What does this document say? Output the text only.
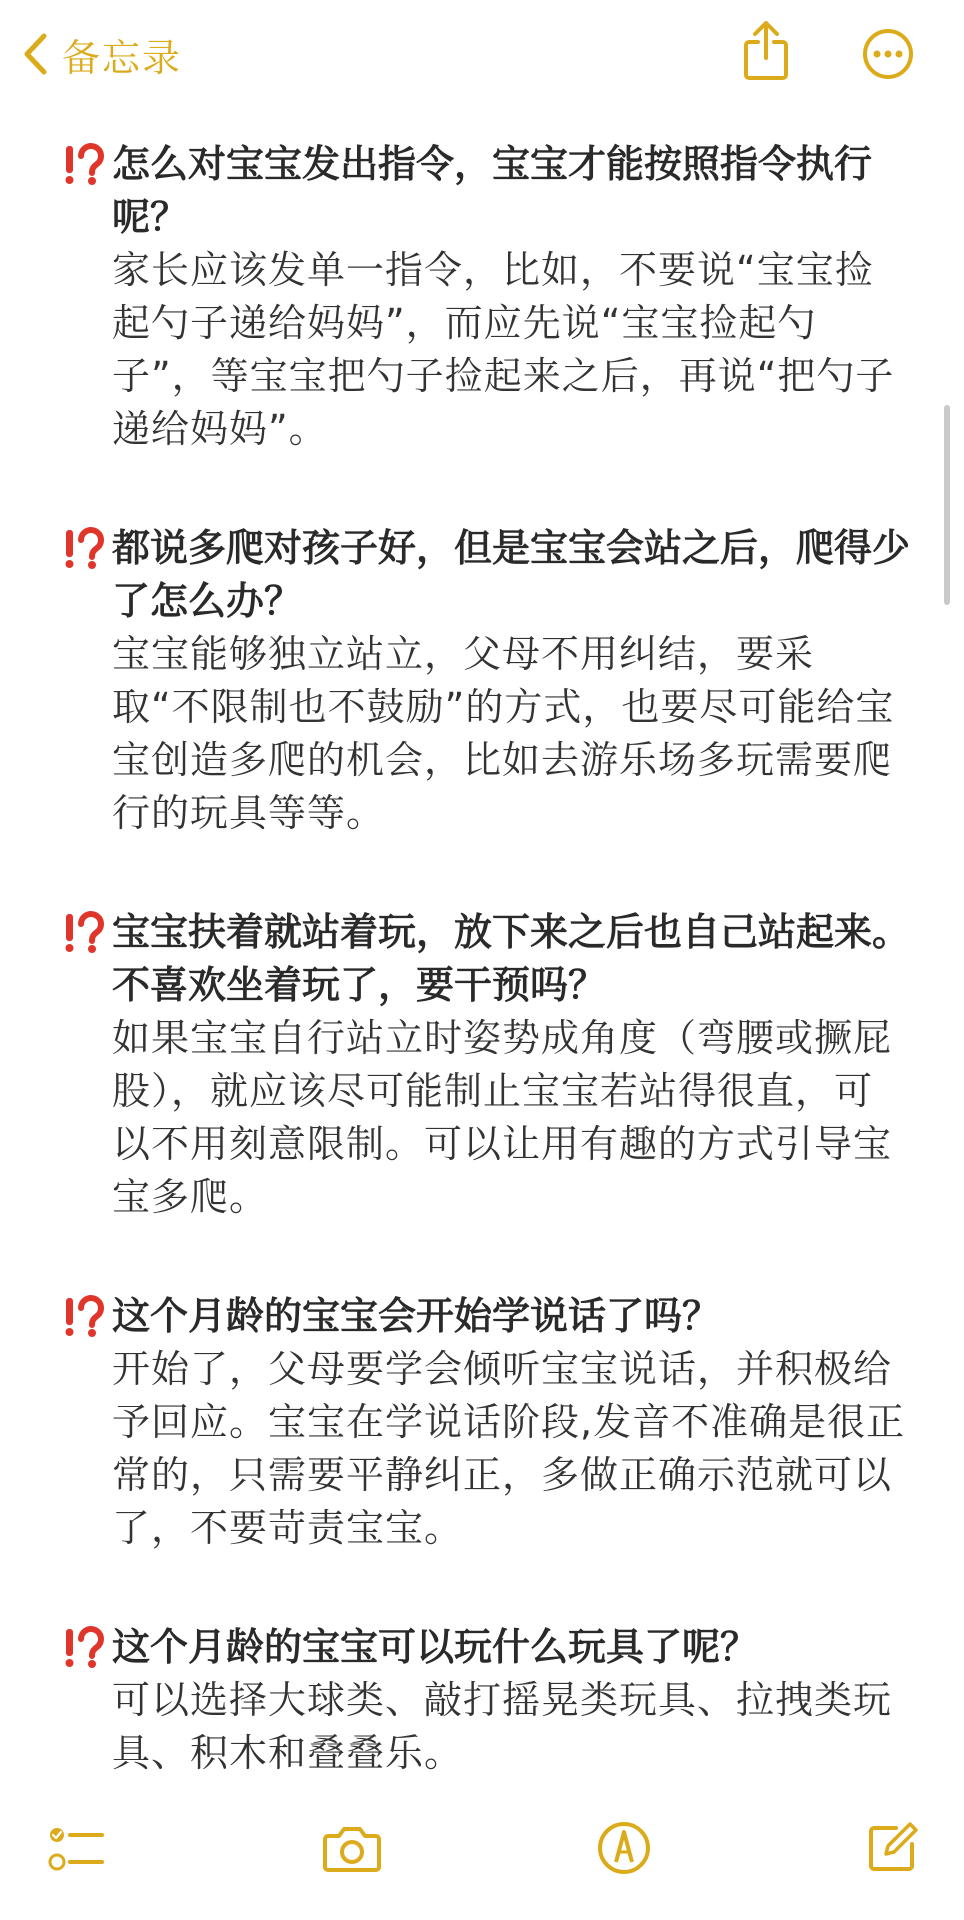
备忘录
怎么对宝宝发出指令，宝宝才能按照指令执行呢？
家长应该发单一指令，比如，不要说“宝宝捡起勺子递给妈妈”，而应先说“宝宝捡起勺子”，等宝宝把勺子捡起来之后，再说“把勺子递给妈妈”。
都说多爬对孩子好，但是宝宝会站之后，爬得少了怎么办？
宝宝能够独立站立，父母不用纠结，要采取“不限制也不鼓励”的方式，也要尽可能给宝宝创造多爬的机会，比如去游乐场多玩需要爬行的玩具等等。
宝宝扶着就站着玩，放下来之后也自己站起来。不喜欢坐着玩了，要干预吗？
如果宝宝自行站立时姿势成角度（弯腰或撅屁股），就应该尽可能制止宝宝若站得很直，可以不用刻意限制。可以让用有趣的方式引导宝宝多爬。
这个月龄的宝宝会开始学说话了吗？
开始了，父母要学会倾听宝宝说话，并积极给予回应。宝宝在学说话阶段,发音不准确是很正常的，只需要平静纠正，多做正确示范就可以了，不要苛责宝宝。
这个月龄的宝宝可以玩什么玩具了呢？
可以选择大球类、敲打摇晃类玩具、拉拽类玩具、积木和叠叠乐。
